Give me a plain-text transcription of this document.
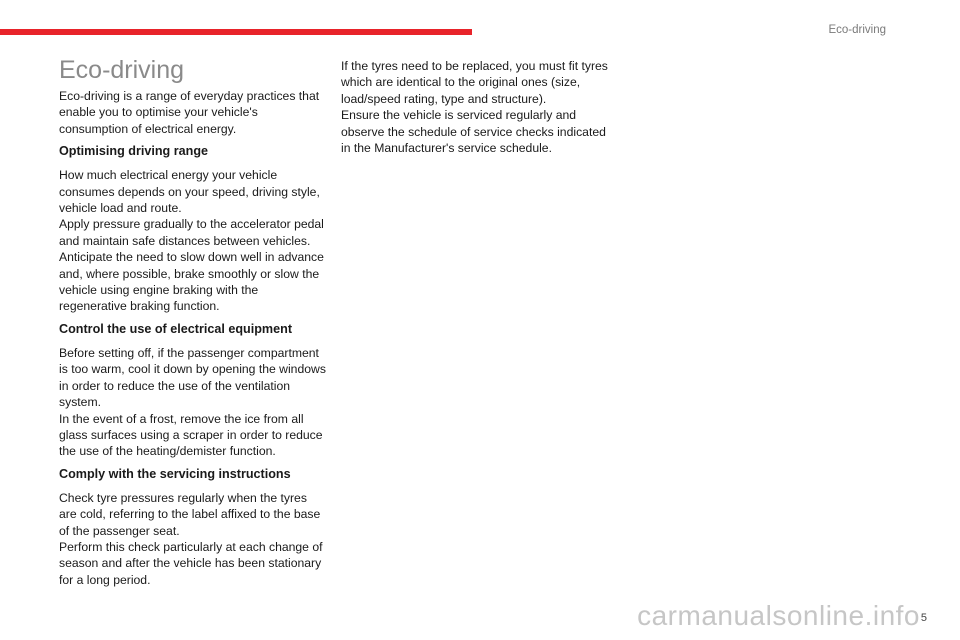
Eco-driving
Eco-driving

Eco-driving is a range of everyday practices that enable you to optimise your vehicle's consumption of electrical energy.

Optimising driving range

How much electrical energy your vehicle consumes depends on your speed, driving style, vehicle load and route.

Apply pressure gradually to the accelerator pedal and maintain safe distances between vehicles.

Anticipate the need to slow down well in advance and, where possible, brake smoothly or slow the vehicle using engine braking with the regenerative braking function.

Control the use of electrical equipment

Before setting off, if the passenger compartment is too warm, cool it down by opening the windows in order to reduce the use of the ventilation system.

In the event of a frost, remove the ice from all glass surfaces using a scraper in order to reduce the use of the heating/demister function.

Comply with the servicing instructions

Check tyre pressures regularly when the tyres are cold, referring to the label affixed to the base of the passenger seat.

Perform this check particularly at each change of season and after the vehicle has been stationary for a long period.

If the tyres need to be replaced, you must fit tyres which are identical to the original ones (size, load/speed rating, type and structure).

Ensure the vehicle is serviced regularly and observe the schedule of service checks indicated in the Manufacturer's service schedule.

carmanualsonline.info 5
